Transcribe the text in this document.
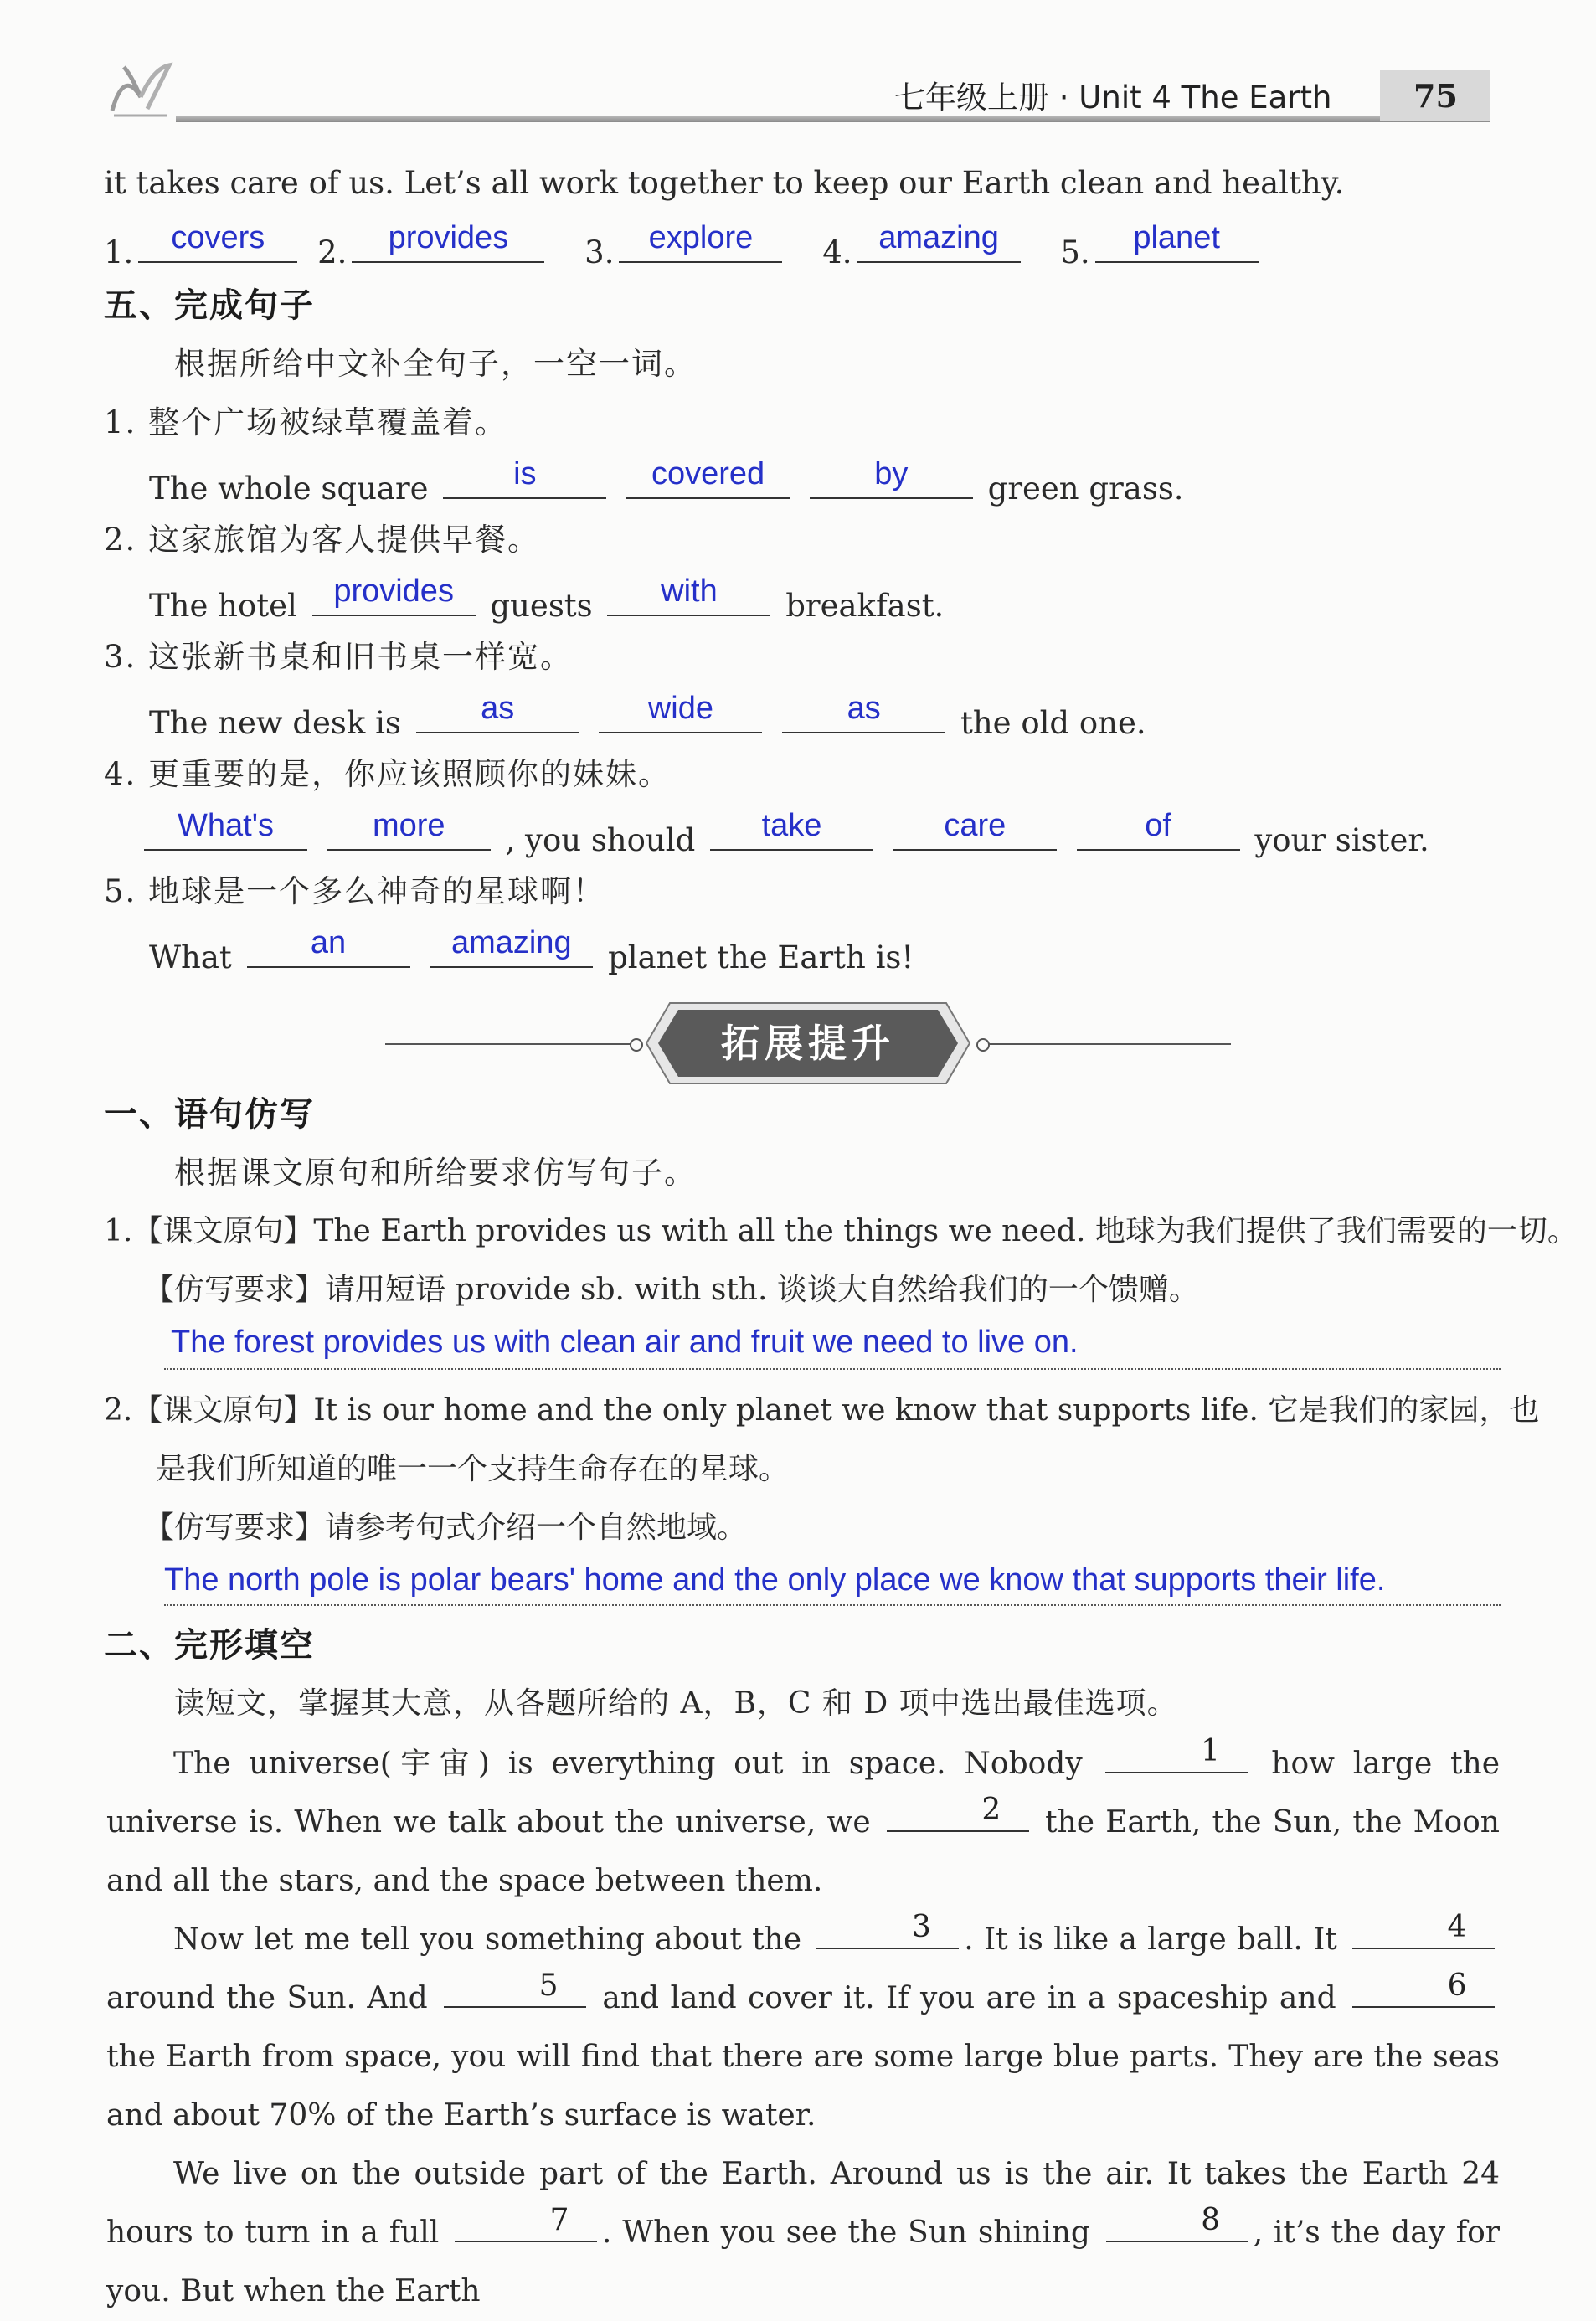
七年级上册 · Unit 4 The Earth	75
it takes care of us. Let’s all work together to keep our Earth clean and healthy.
1.	covers	2.	provides	3.	explore	4. amazing	5.	planet
五、完成句子
根据所给中文补全句子，一空一词。
1. 整个广场被绿草覆盖着。
The whole square	is
	covered
	by	green grass.
2. 这家旅馆为客人提供早餐。
The hotel	provides	guests	with	breakfast.
3. 这张新书桌和旧书桌一样宽。
The new desk is	as
	wide
	as	the old one.
4. 更重要的是，你应该照顾你的妹妹。
What's
	more	, you should	take
	care
	of	your sister.
5. 地球是一个多么神奇的星球啊！
What	an
	amazing	planet the Earth is!
拓展提升
一、语句仿写
根据课文原句和所给要求仿写句子。
1.【课文原句】The Earth provides us with all the things we need. 地球为我们提供了我们需要的一切。
【仿写要求】请用短语 provide sb. with sth. 谈谈大自然给我们的一个馈赠。
The forest provides us with clean air and fruit we need to live on.
2.【课文原句】It is our home and the only planet we know that supports life. 它是我们的家园，也
是我们所知道的唯一一个支持生命存在的星球。
【仿写要求】请参考句式介绍一个自然地域。
The north pole is polar bears' home and the only place we know that supports their life.
二、完形填空
读短文，掌握其大意，从各题所给的 A，B，C 和 D 项中选出最佳选项。
The universe(宇宙) is everything out in space. Nobody	1	how large the universe is. When we talk about the universe, we	2	the Earth, the Sun, the Moon and all the stars, and the space between them.
Now let me tell you something about the	3	. It is like a large ball. It	4
around the Sun. And	5	and land cover it. If you are in a spaceship and	6
the Earth from space, you will find that there are some large blue parts. They are the seas and about 70% of the Earth’s surface is water.
We live on the outside part of the Earth. Around us is the air. It takes the Earth 24 hours to turn in a full	7	. When you see the Sun shining	8	, it’s the day for you. But when the Earth
